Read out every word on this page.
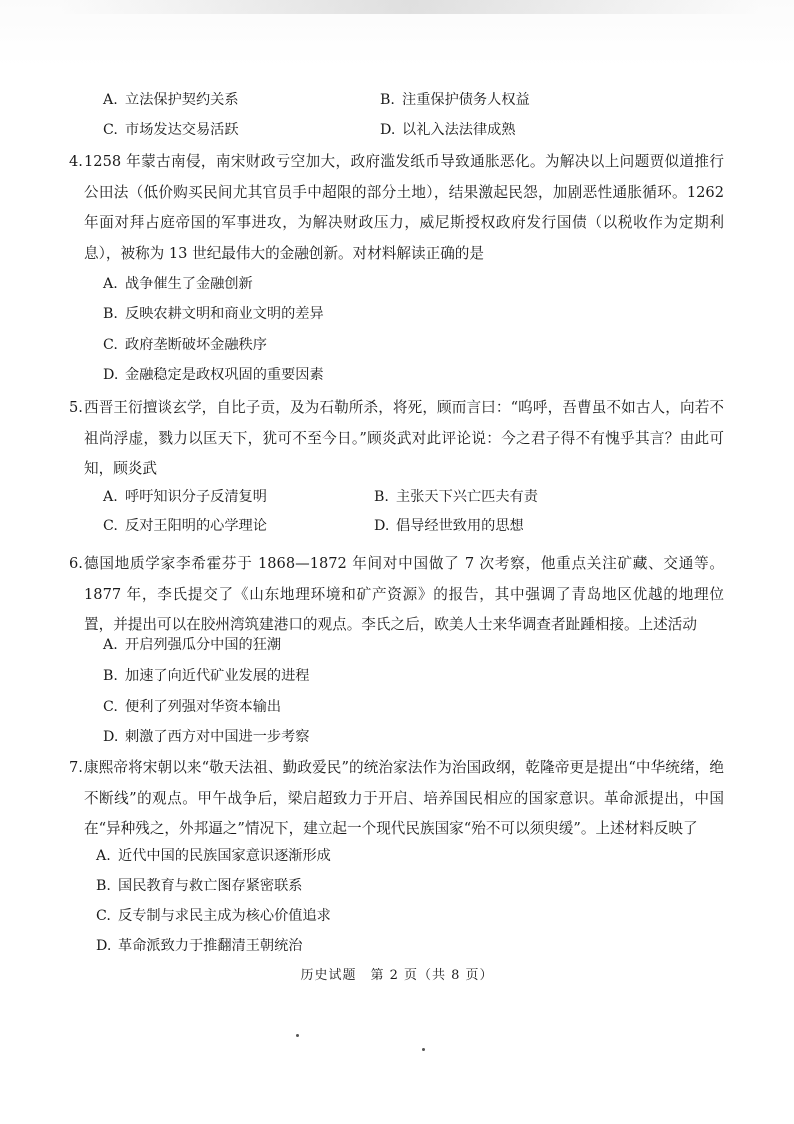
A. 立法保护契约关系	B. 注重保护债务人权益
C. 市场发达交易活跃	D. 以礼入法法律成熟
4. 1258 年蒙古南侵，南宋财政亏空加大，政府滥发纸币导致通胀恶化。为解决以上问题贾似道推行公田法（低价购买民间尤其官员手中超限的部分土地），结果激起民怨，加剧恶性通胀循环。1262 年面对拜占庭帝国的军事进攻，为解决财政压力，威尼斯授权政府发行国债（以税收作为定期利息），被称为 13 世纪最伟大的金融创新。对材料解读正确的是
A. 战争催生了金融创新
B. 反映农耕文明和商业文明的差异
C. 政府垄断破坏金融秩序
D. 金融稳定是政权巩固的重要因素
5. 西晋王衍擅谈玄学，自比子贡，及为石勒所杀，将死，顾而言曰：“呜呼，吾曹虽不如古人，向若不祖尚浮虚，戮力以匡天下，犹可不至今日。”顾炎武对此评论说：今之君子得不有愧乎其言？由此可知，顾炎武
A. 呼吁知识分子反清复明	B. 主张天下兴亡匹夫有责
C. 反对王阳明的心学理论	D. 倡导经世致用的思想
6. 德国地质学家李希霍芬于 1868—1872 年间对中国做了 7 次考察，他重点关注矿藏、交通等。1877 年，李氏提交了《山东地理环境和矿产资源》的报告，其中强调了青岛地区优越的地理位置，并提出可以在胶州湾筑建港口的观点。李氏之后，欧美人士来华调查者趾踵相接。上述活动
A. 开启列强瓜分中国的狂潮
B. 加速了向近代矿业发展的进程
C. 便利了列强对华资本输出
D. 刺激了西方对中国进一步考察
7. 康熙帝将宋朝以来“敬天法祖、勤政爱民”的统治家法作为治国政纲，乾隆帝更是提出“中华统绪，绝不断线”的观点。甲午战争后，梁启超致力于开启、培养国民相应的国家意识。革命派提出，中国在“异种残之，外邦逼之”情况下，建立起一个现代民族国家“殆不可以须臾缓”。上述材料反映了
A. 近代中国的民族国家意识逐渐形成
B. 国民教育与救亡图存紧密联系
C. 反专制与求民主成为核心价值追求
D. 革命派致力于推翻清王朝统治
历史试题　第 2 页（共 8 页）
